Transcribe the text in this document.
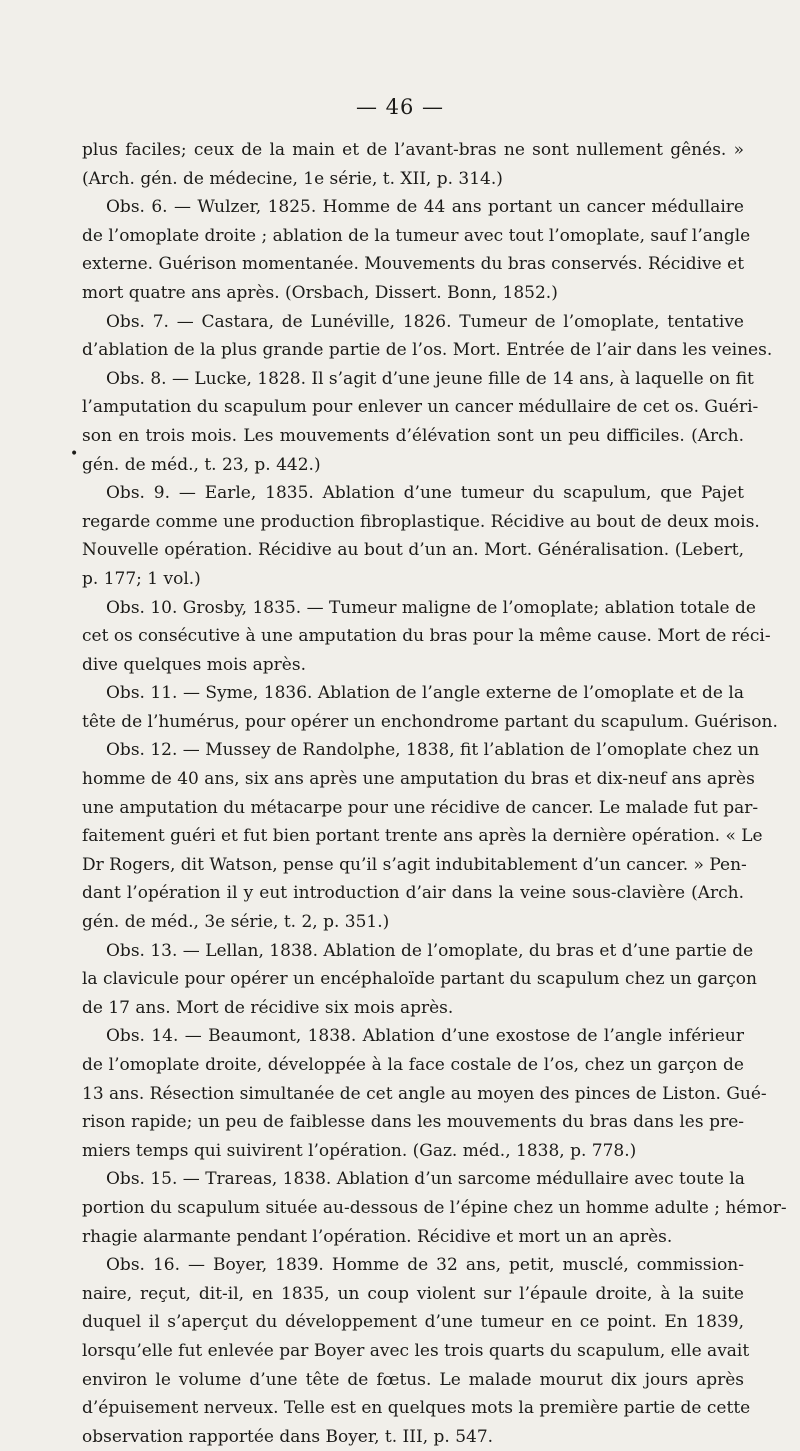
— 46 —
•
plus faciles; ceux de la main et de l’avant-bras ne sont nullement gênés. »
(Arch. gén. de médecine, 1e série, t. XII, p. 314.)
Obs. 6. — Wulzer, 1825. Homme de 44 ans portant un cancer médullaire
de l’omoplate droite ; ablation de la tumeur avec tout l’omoplate, sauf l’angle
externe. Guérison momentanée. Mouvements du bras conservés. Récidive et
mort quatre ans après. (Orsbach, Dissert. Bonn, 1852.)
Obs. 7. — Castara, de Lunéville, 1826. Tumeur de l’omoplate, tentative
d’ablation de la plus grande partie de l’os. Mort. Entrée de l’air dans les veines.
Obs. 8. — Lucke, 1828. Il s’agit d’une jeune fille de 14 ans, à laquelle on fit
l’amputation du scapulum pour enlever un cancer médullaire de cet os. Guéri-
son en trois mois. Les mouvements d’élévation sont un peu difficiles. (Arch.
gén. de méd., t. 23, p. 442.)
Obs. 9. — Earle, 1835. Ablation d’une tumeur du scapulum, que Pajet
regarde comme une production fibroplastique. Récidive au bout de deux mois.
Nouvelle opération. Récidive au bout d’un an. Mort. Généralisation. (Lebert,
p. 177; 1 vol.)
Obs. 10. Grosby, 1835. — Tumeur maligne de l’omoplate; ablation totale de
cet os consécutive à une amputation du bras pour la même cause. Mort de réci-
dive quelques mois après.
Obs. 11. — Syme, 1836. Ablation de l’angle externe de l’omoplate et de la
tête de l’humérus, pour opérer un enchondrome partant du scapulum. Guérison.
Obs. 12. — Mussey de Randolphe, 1838, fit l’ablation de l’omoplate chez un
homme de 40 ans, six ans après une amputation du bras et dix-neuf ans après
une amputation du métacarpe pour une récidive de cancer. Le malade fut par-
faitement guéri et fut bien portant trente ans après la dernière opération. « Le
Dr Rogers, dit Watson, pense qu’il s’agit indubitablement d’un cancer. » Pen-
dant l’opération il y eut introduction d’air dans la veine sous-clavière (Arch.
gén. de méd., 3e série, t. 2, p. 351.)
Obs. 13. — Lellan, 1838. Ablation de l’omoplate, du bras et d’une partie de
la clavicule pour opérer un encéphaloïde partant du scapulum chez un garçon
de 17 ans. Mort de récidive six mois après.
Obs. 14. — Beaumont, 1838. Ablation d’une exostose de l’angle inférieur
de l’omoplate droite, développée à la face costale de l’os, chez un garçon de
13 ans. Résection simultanée de cet angle au moyen des pinces de Liston. Gué-
rison rapide; un peu de faiblesse dans les mouvements du bras dans les pre-
miers temps qui suivirent l’opération. (Gaz. méd., 1838, p. 778.)
Obs. 15. — Trareas, 1838. Ablation d’un sarcome médullaire avec toute la
portion du scapulum située au-dessous de l’épine chez un homme adulte ; hémor-
rhagie alarmante pendant l’opération. Récidive et mort un an après.
Obs. 16. — Boyer, 1839. Homme de 32 ans, petit, musclé, commission-
naire, reçut, dit-il, en 1835, un coup violent sur l’épaule droite, à la suite
duquel il s’aperçut du développement d’une tumeur en ce point. En 1839,
lorsqu’elle fut enlevée par Boyer avec les trois quarts du scapulum, elle avait
environ le volume d’une tête de fœtus. Le malade mourut dix jours après
d’épuisement nerveux. Telle est en quelques mots la première partie de cette
observation rapportée dans Boyer, t. III, p. 547.
